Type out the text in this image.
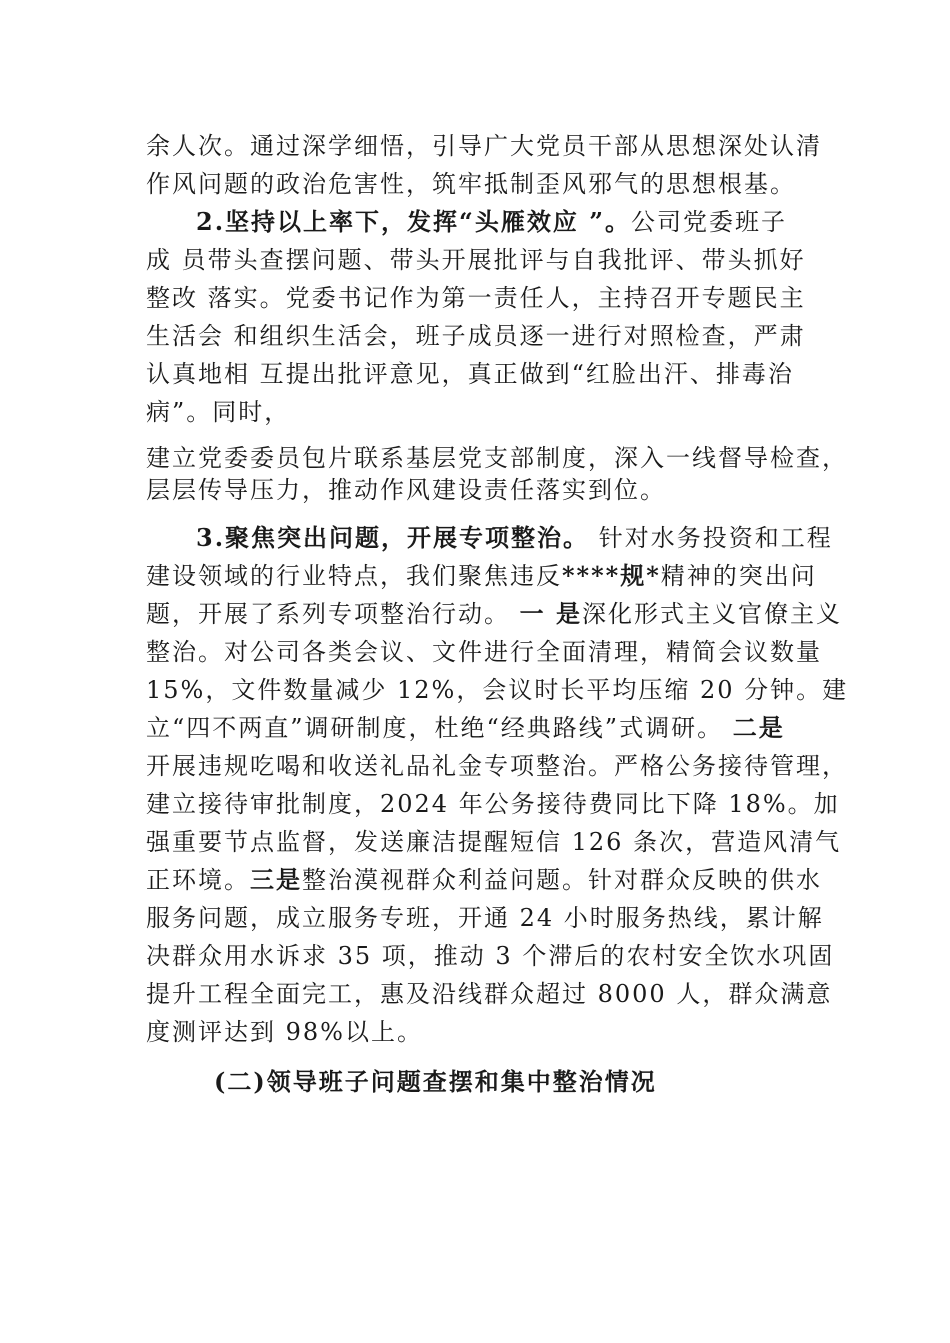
余人次。通过深学细悟，引导广大党员干部从思想深处认清
作风问题的政治危害性，筑牢抵制歪风邪气的思想根基。
2.坚持以上率下，发挥“头雁效应 ”。公司党委班子
成 员带头查摆问题、带头开展批评与自我批评、带头抓好
整改 落实。党委书记作为第一责任人，主持召开专题民主
生活会 和组织生活会，班子成员逐一进行对照检查，严肃
认真地相 互提出批评意见，真正做到“红脸出汗、排毒治
病”。同时，
建立党委委员包片联系基层党支部制度，深入一线督导检查，
层层传导压力，推动作风建设责任落实到位。
3.聚焦突出问题，开展专项整治。 针对水务投资和工程
建设领域的行业特点，我们聚焦违反****规*精神的突出问
题，开展了系列专项整治行动。 一 是深化形式主义官僚主义
整治。对公司各类会议、文件进行全面清理，精简会议数量
15%，文件数量减少 12%，会议时长平均压缩 20 分钟。建
立“四不两直”调研制度，杜绝“经典路线”式调研。 二是
开展违规吃喝和收送礼品礼金专项整治。严格公务接待管理，
建立接待审批制度，2024 年公务接待费同比下降 18%。加
强重要节点监督，发送廉洁提醒短信 126 条次，营造风清气
正环境。三是整治漠视群众利益问题。针对群众反映的供水
服务问题，成立服务专班，开通 24 小时服务热线，累计解
决群众用水诉求 35 项，推动 3 个滞后的农村安全饮水巩固
提升工程全面完工，惠及沿线群众超过 8000 人，群众满意
度测评达到 98%以上。
(二)领导班子问题查摆和集中整治情况
